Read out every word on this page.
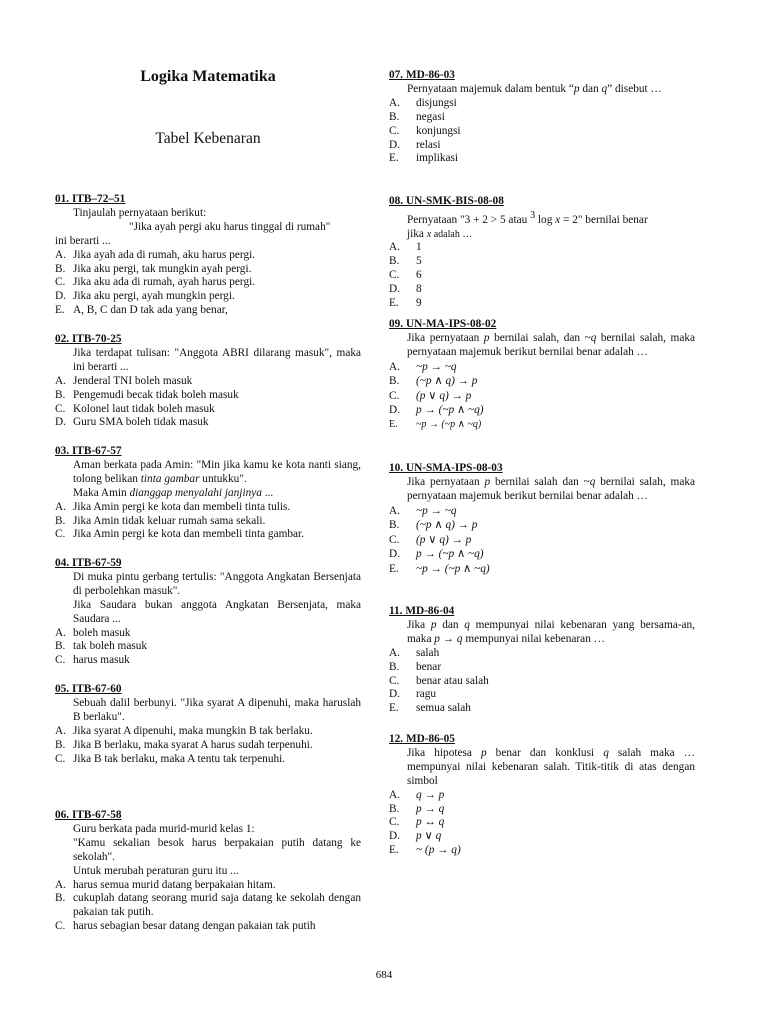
Logika Matematika
Tabel Kebenaran
01. ITB–72–51
Tinjaulah pernyataan berikut:
"Jika ayah pergi aku harus tinggal di rumah"
ini berarti ...
A. Jika ayah ada di rumah, aku harus pergi.
B. Jika aku pergi, tak mungkin ayah pergi.
C. Jika aku ada di rumah, ayah harus pergi.
D. Jika aku pergi, ayah mungkin pergi.
E. A, B, C dan D tak ada yang benar,
02. ITB-70-25
Jika terdapat tulisan: "Anggota ABRI dilarang masuk", maka ini berarti ...
A. Jenderal TNI boleh masuk
B. Pengemudi becak tidak boleh masuk
C. Kolonel laut tidak boleh masuk
D. Guru SMA boleh tidak masuk
03. ITB-67-57
Aman berkata pada Amin: "Min jika kamu ke kota nanti siang, tolong belikan tinta gambar untukku".
Maka Amin dianggap menyalahi janjinya ...
A. Jika Amin pergi ke kota dan membeli tinta tulis.
B. Jika Amin tidak keluar rumah sama sekali.
C. Jika Amin pergi ke kota dan membeli tinta gambar.
04. ITB-67-59
Di muka pintu gerbang tertulis: "Anggota Angkatan Bersenjata di perbolehkan masuk".
Jika Saudara bukan anggota Angkatan Bersenjata, maka Saudara ...
A. boleh masuk
B. tak boleh masuk
C. harus masuk
05. ITB-67-60
Sebuah dalil berbunyi. "Jika syarat A dipenuhi, maka haruslah B berlaku".
A. Jika syarat A dipenuhi, maka mungkin B tak berlaku.
B. Jika B berlaku, maka syarat A harus sudah terpenuhi.
C. Jika B tak berlaku, maka A tentu tak terpenuhi.
06. ITB-67-58
Guru berkata pada murid-murid kelas 1:
"Kamu sekalian besok harus berpakaian putih datang ke sekolah".
Untuk merubah peraturan guru itu ...
A. harus semua murid datang berpakaian hitam.
B. cukuplah datang seorang murid saja datang ke sekolah dengan pakaian tak putih.
C. harus sebagian besar datang dengan pakaian tak putih
07. MD-86-03
Pernyataan majemuk dalam bentuk “p dan q” disebut …
A.	disjungsi
B.	negasi
C.	konjungsi
D.	relasi
E.	implikasi
08. UN-SMK-BIS-08-08
Pernyataan "3 + 2 > 5 atau $^3$ log x = 2" bernilai benar
jika x adalah …
A.	1
B.	5
C.	6
D.	8
E.	9
09. UN-MA-IPS-08-02
Jika pernyataan p bernilai salah, dan ~q bernilai salah, maka pernyataan majemuk berikut bernilai benar adalah …
A.	~p → ~q
B.	(~p ∧ q) → p
C.	(p ∨ q) → p
D.	p → (~p ∧ ~q)
E.	~p → (~p ∧ ~q)
10. UN-SMA-IPS-08-03
Jika pernyataan p bernilai salah dan ~q bernilai salah, maka pernyataan majemuk berikut bernilai benar adalah …
A.	~p → ~q
B.	(~p ∧ q) → p
C.	(p ∨ q) → p
D.	p → (~p ∧ ~q)
E.	~p → (~p ∧ ~q)
11. MD-86-04
Jika p dan q mempunyai nilai kebenaran yang bersama-an, maka p → q mempunyai nilai kebenaran …
A.	salah
B.	benar
C.	benar atau salah
D.	ragu
E.	semua salah
12. MD-86-05
Jika hipotesa p benar dan konklusi q salah maka … mempunyai nilai kebenaran salah. Titik-titik di atas dengan simbol
A.	q → p
B.	p → q
C.	p ↔ q
D.	p ∨ q
E.	~ (p → q)
684
